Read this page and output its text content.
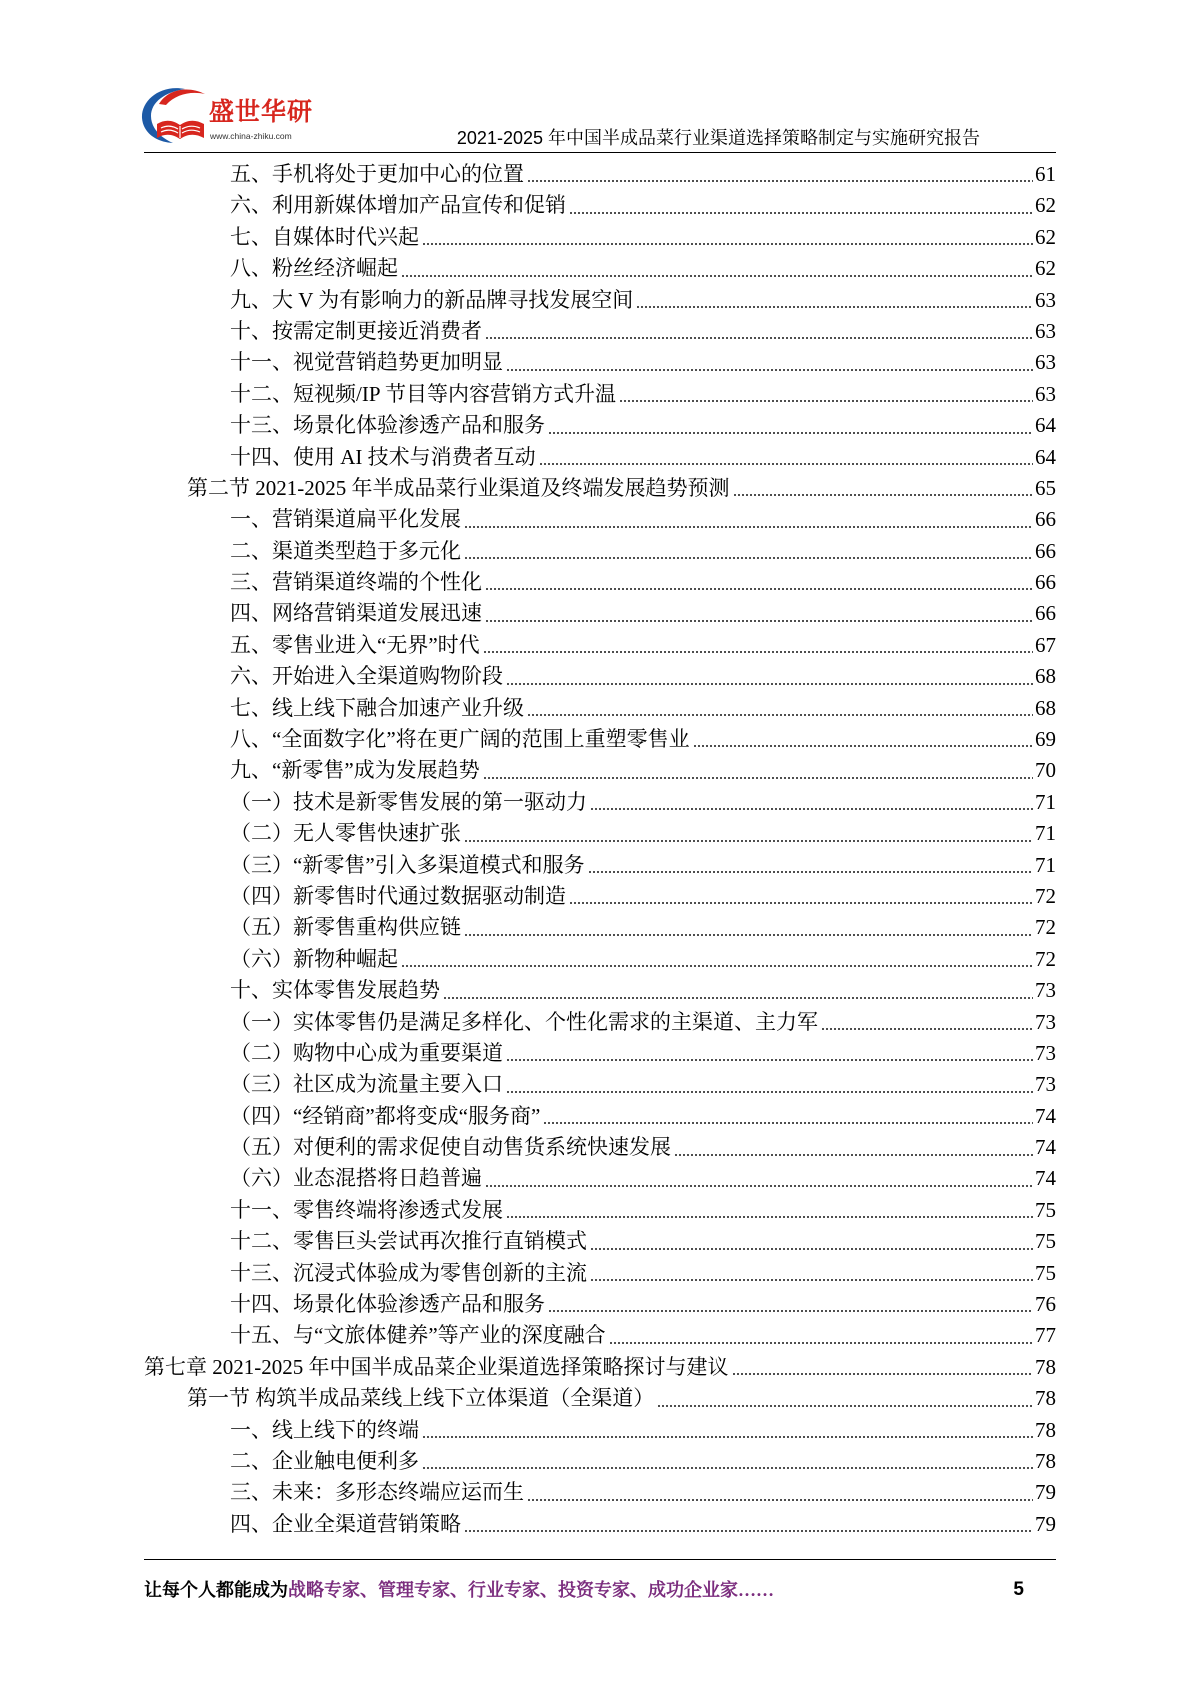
盛世华研
www.china-zhiku.com	2021-2025 年中国半成品菜行业渠道选择策略制定与实施研究报告
五、手机将处于更加中心的位置	61
六、利用新媒体增加产品宣传和促销	62
七、自媒体时代兴起	62
八、粉丝经济崛起	62
九、大 V 为有影响力的新品牌寻找发展空间	63
十、按需定制更接近消费者	63
十一、视觉营销趋势更加明显	63
十二、短视频/IP 节目等内容营销方式升温	63
十三、场景化体验渗透产品和服务	64
十四、使用 AI 技术与消费者互动	64
第二节 2021-2025 年半成品菜行业渠道及终端发展趋势预测	65
一、营销渠道扁平化发展	66
二、渠道类型趋于多元化	66
三、营销渠道终端的个性化	66
四、网络营销渠道发展迅速	66
五、零售业进入“无界”时代	67
六、开始进入全渠道购物阶段	68
七、线上线下融合加速产业升级	68
八、“全面数字化”将在更广阔的范围上重塑零售业	69
九、“新零售”成为发展趋势	70
（一）技术是新零售发展的第一驱动力	71
（二）无人零售快速扩张	71
（三）“新零售”引入多渠道模式和服务	71
（四）新零售时代通过数据驱动制造	72
（五）新零售重构供应链	72
（六）新物种崛起	72
十、实体零售发展趋势	73
（一）实体零售仍是满足多样化、个性化需求的主渠道、主力军	73
（二）购物中心成为重要渠道	73
（三）社区成为流量主要入口	73
（四）“经销商”都将变成“服务商”	74
（五）对便利的需求促使自动售货系统快速发展	74
（六）业态混搭将日趋普遍	74
十一、零售终端将渗透式发展	75
十二、零售巨头尝试再次推行直销模式	75
十三、沉浸式体验成为零售创新的主流	75
十四、场景化体验渗透产品和服务	76
十五、与“文旅体健养”等产业的深度融合	77
第七章 2021-2025 年中国半成品菜企业渠道选择策略探讨与建议	78
第一节 构筑半成品菜线上线下立体渠道（全渠道）	78
一、线上线下的终端	78
二、企业触电便利多	78
三、未来：多形态终端应运而生	79
四、企业全渠道营销策略	79
让每个人都能成为战略专家、管理专家、行业专家、投资专家、成功企业家……	5
